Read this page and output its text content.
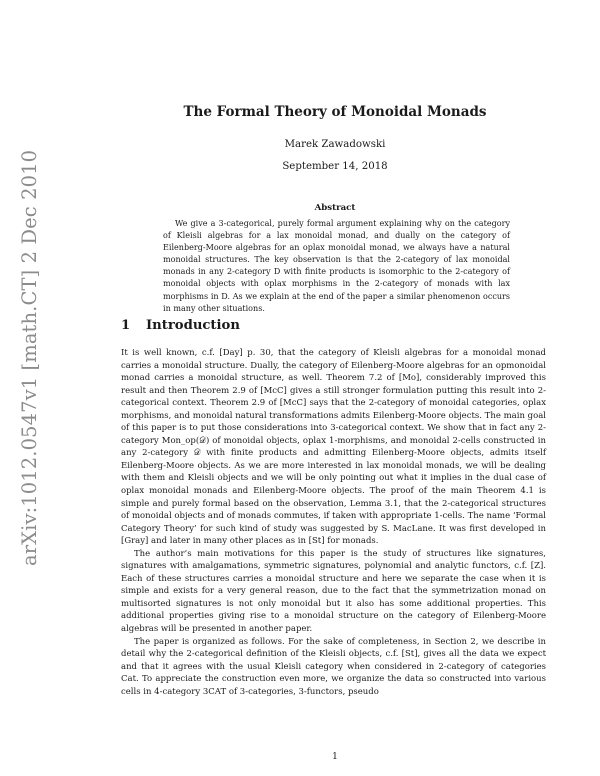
arXiv:1012.0547v1 [math.CT] 2 Dec 2010
The Formal Theory of Monoidal Monads
Marek Zawadowski
September 14, 2018
Abstract
We give a 3-categorical, purely formal argument explaining why on the category of Kleisli algebras for a lax monoidal monad, and dually on the category of Eilenberg-Moore algebras for an oplax monoidal monad, we always have a natural monoidal structures. The key observation is that the 2-category of lax monoidal monads in any 2-category D with finite products is isomorphic to the 2-category of monoidal objects with oplax morphisms in the 2-category of monads with lax morphisms in D. As we explain at the end of the paper a similar phenomenon occurs in many other situations.
1 Introduction

It is well known, c.f. [Day] p. 30, that the category of Kleisli algebras for a monoidal monad carries a monoidal structure. Dually, the category of Eilenberg-Moore algebras for an opmonoidal monad carries a monoidal structure, as well. Theorem 7.2 of [Mo], considerably improved this result and then Theorem 2.9 of [McC] gives a still stronger formulation putting this result into 2-categorical context. Theorem 2.9 of [McC] says that the 2-category of monoidal categories, oplax morphisms, and monoidal natural transformations admits Eilenberg-Moore objects. The main goal of this paper is to put those considerations into 3-categorical context. We show that in fact any 2-category Mon_op(𝒟) of monoidal objects, oplax 1-morphisms, and monoidal 2-cells constructed in any 2-category 𝒟 with finite products and admitting Eilenberg-Moore objects, admits itself Eilenberg-Moore objects. As we are more interested in lax monoidal monads, we will be dealing with them and Kleisli objects and we will be only pointing out what it implies in the dual case of oplax monoidal monads and Eilenberg-Moore objects. The proof of the main Theorem 4.1 is simple and purely formal based on the observation, Lemma 3.1, that the 2-categorical structures of monoidal objects and of monads commutes, if taken with appropriate 1-cells. The name ‘Formal Category Theory’ for such kind of study was suggested by S. MacLane. It was first developed in [Gray] and later in many other places as in [St] for monads.

The author’s main motivations for this paper is the study of structures like signatures, signatures with amalgamations, symmetric signatures, polynomial and analytic functors, c.f. [Z]. Each of these structures carries a monoidal structure and here we separate the case when it is simple and exists for a very general reason, due to the fact that the symmetrization monad on multisorted signatures is not only monoidal but it also has some additional properties. This additional properties giving rise to a monoidal structure on the category of Eilenberg-Moore algebras will be presented in another paper.

The paper is organized as follows. For the sake of completeness, in Section 2, we describe in detail why the 2-categorical definition of the Kleisli objects, c.f. [St], gives all the data we expect and that it agrees with the usual Kleisli category when considered in 2-category of categories Cat. To appreciate the construction even more, we organize the data so constructed into various cells in 4-category 3CAT of 3-categories, 3-functors, pseudo

1
